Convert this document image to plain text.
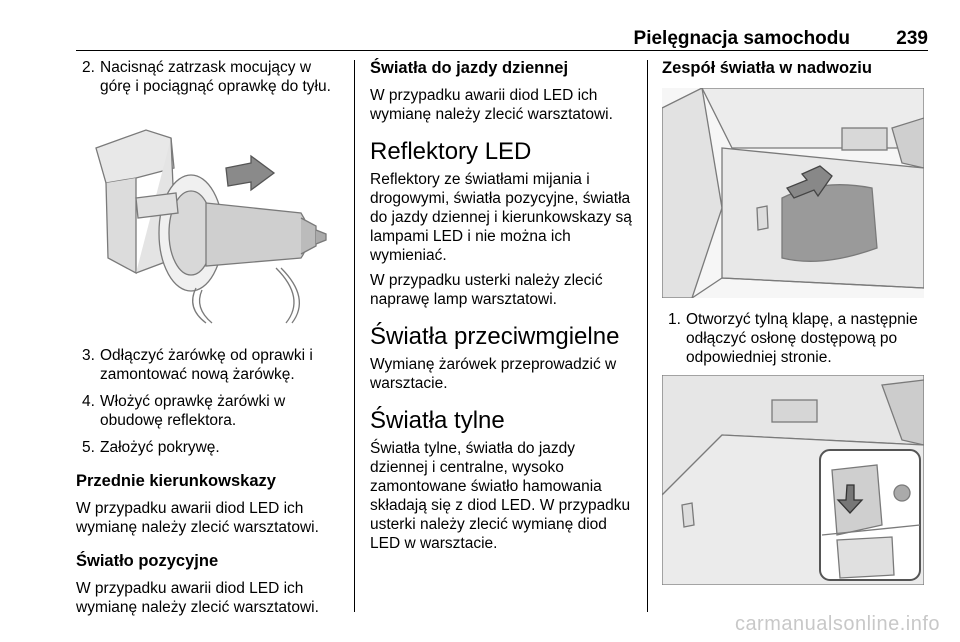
Pielęgnacja samochodu 239
2. Nacisnąć zatrzask mocujący w górę i pociągnąć oprawkę do tyłu.
3. Odłączyć żarówkę od oprawki i zamontować nową żarówkę.
4. Włożyć oprawkę żarówki w obudowę reflektora.
5. Założyć pokrywę.

Przednie kierunkowskazy

W przypadku awarii diod LED ich wymianę należy zlecić warsztatowi.

Światło pozycyjne

W przypadku awarii diod LED ich wymianę należy zlecić warsztatowi.

Światła do jazdy dziennej

W przypadku awarii diod LED ich wymianę należy zlecić warsztatowi.

Reflektory LED

Reflektory ze światłami mijania i drogowymi, światła pozycyjne, światła do jazdy dziennej i kierunkowskazy są lampami LED i nie można ich wymieniać.

W przypadku usterki należy zlecić naprawę lamp warsztatowi.

Światła przeciwmgielne

Wymianę żarówek przeprowadzić w warsztacie.

Światła tylne

Światła tylne, światła do jazdy dziennej i centralne, wysoko zamontowane światło hamowania składają się z diod LED. W przypadku usterki należy zlecić wymianę diod LED w warsztacie.

Zespół światła w nadwoziu

1. Otworzyć tylną klapę, a następnie odłączyć osłonę dostępową po odpowiedniej stronie.
carmanualsonline.info
